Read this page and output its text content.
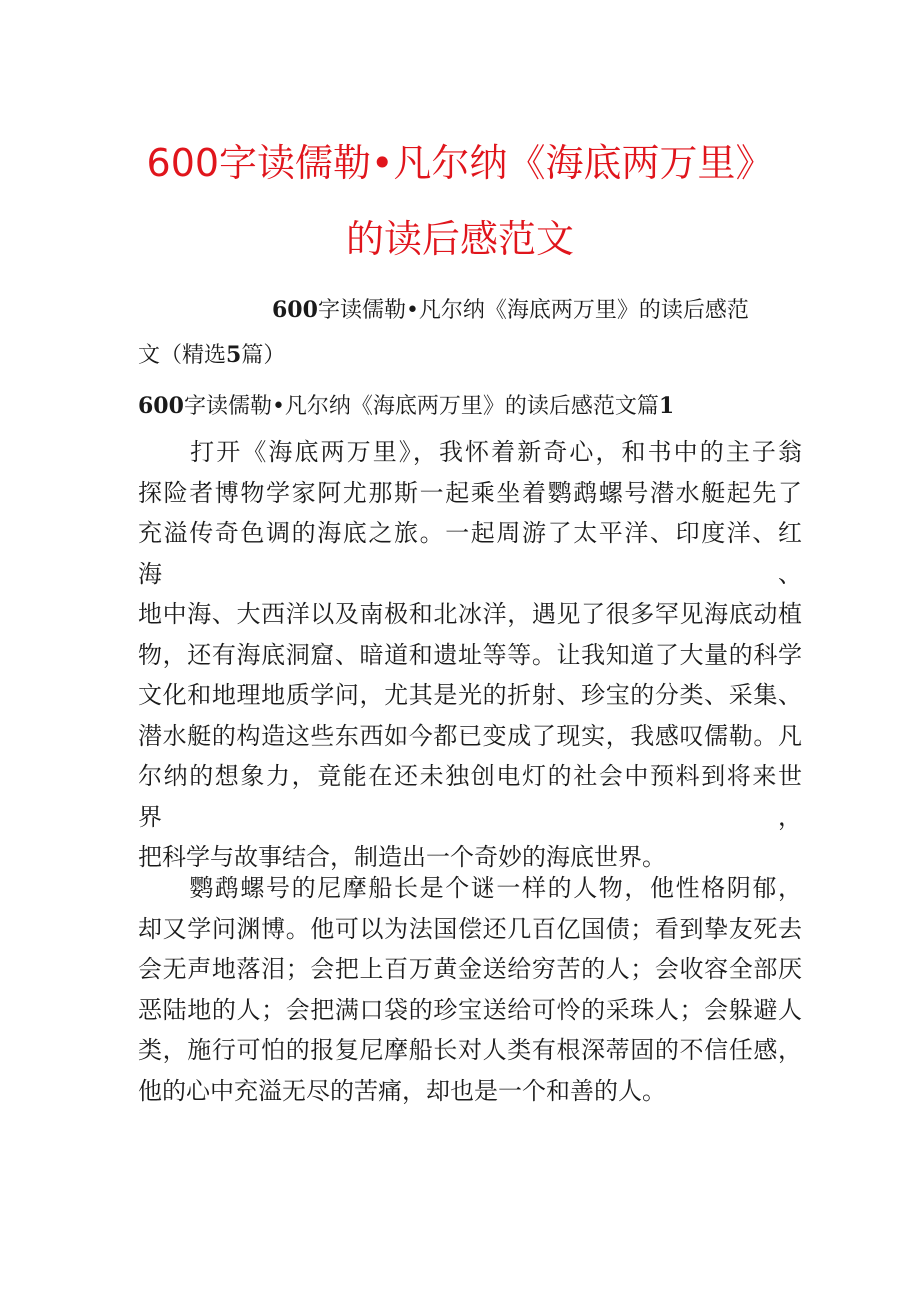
600字读儒勒•凡尔纳《海底两万里》
的读后感范文

600字读儒勒•凡尔纳《海底两万里》的读后感范
文（精选5篇）

600字读儒勒•凡尔纳《海底两万里》的读后感范文篇1

　　打开《海底两万里》，我怀着新奇心，和书中的主子翁
探险者博物学家阿尤那斯一起乘坐着鹦鹉螺号潜水艇起先了
充溢传奇色调的海底之旅。一起周游了太平洋、印度洋、红海、
地中海、大西洋以及南极和北冰洋，遇见了很多罕见海底动植
物，还有海底洞窟、暗道和遗址等等。让我知道了大量的科学
文化和地理地质学问，尤其是光的折射、珍宝的分类、采集、
潜水艇的构造这些东西如今都已变成了现实，我感叹儒勒。凡
尔纳的想象力，竟能在还未独创电灯的社会中预料到将来世界，
把科学与故事结合，制造出一个奇妙的海底世界。
　　鹦鹉螺号的尼摩船长是个谜一样的人物，他性格阴郁，
却又学问渊博。他可以为法国偿还几百亿国债；看到挚友死去
会无声地落泪；会把上百万黄金送给穷苦的人；会收容全部厌
恶陆地的人；会把满口袋的珍宝送给可怜的采珠人；会躲避人
类，施行可怕的报复尼摩船长对人类有根深蒂固的不信任感，
他的心中充溢无尽的苦痛，却也是一个和善的人。
